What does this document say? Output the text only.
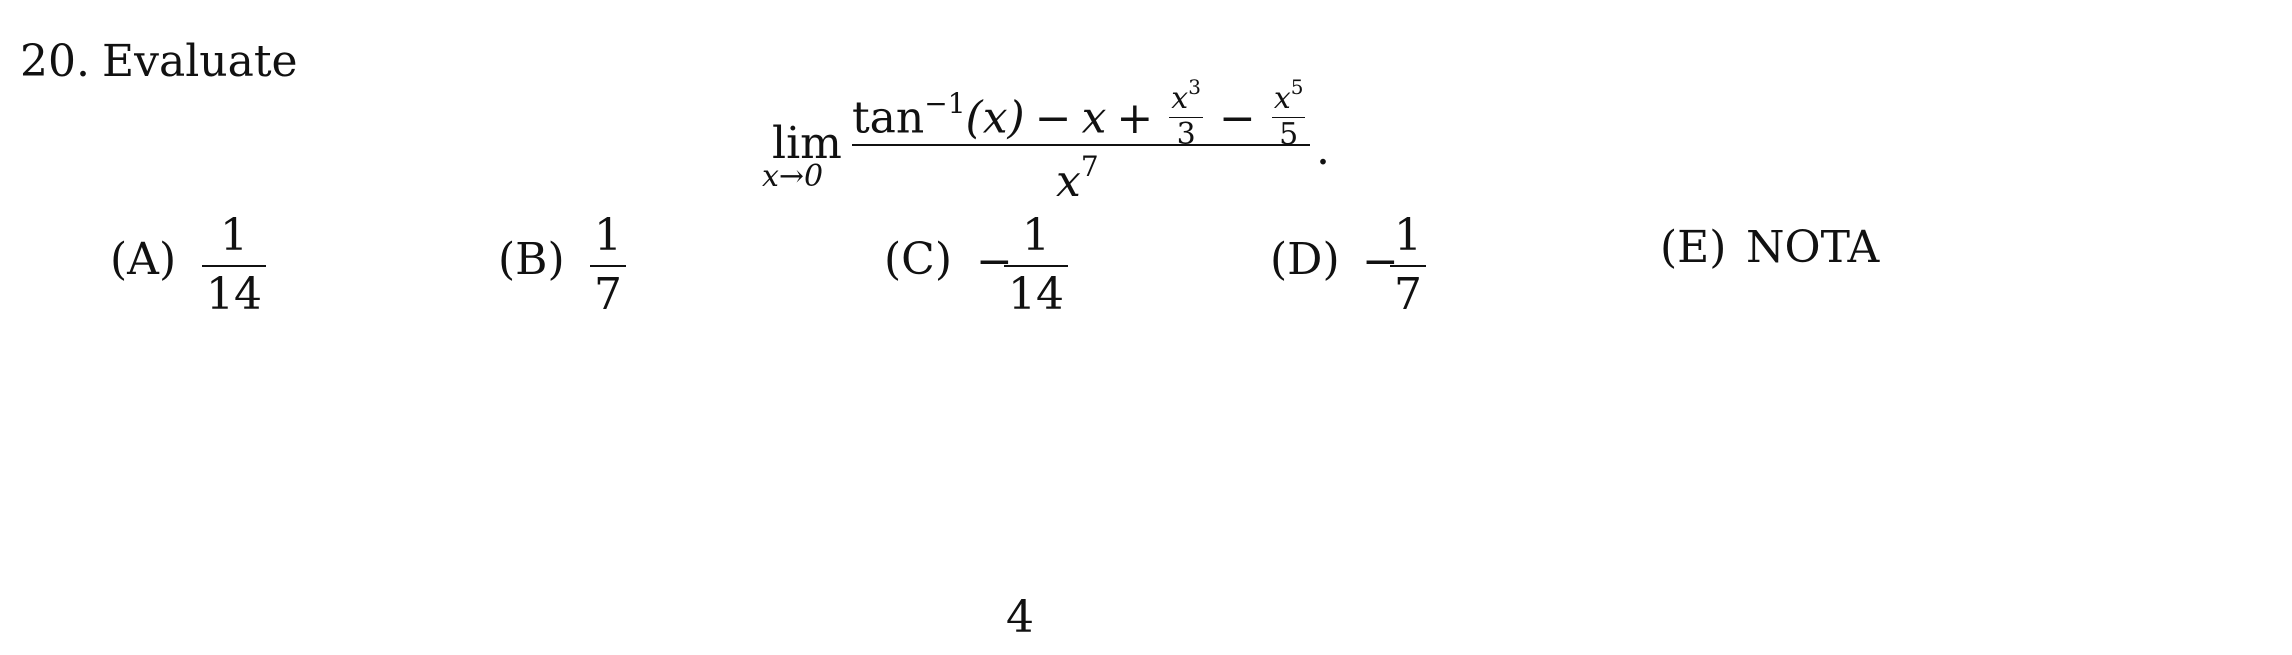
20. Evaluate
lim
x→0
$\tan^{-1}(x) - x + \frac{x^3}{3} - \frac{x^5}{5}$
$x^7$	.
(A) 1
14
(B) 1
7
(C) −
1
14
(D) −
1
7
(E) NOTA
4
